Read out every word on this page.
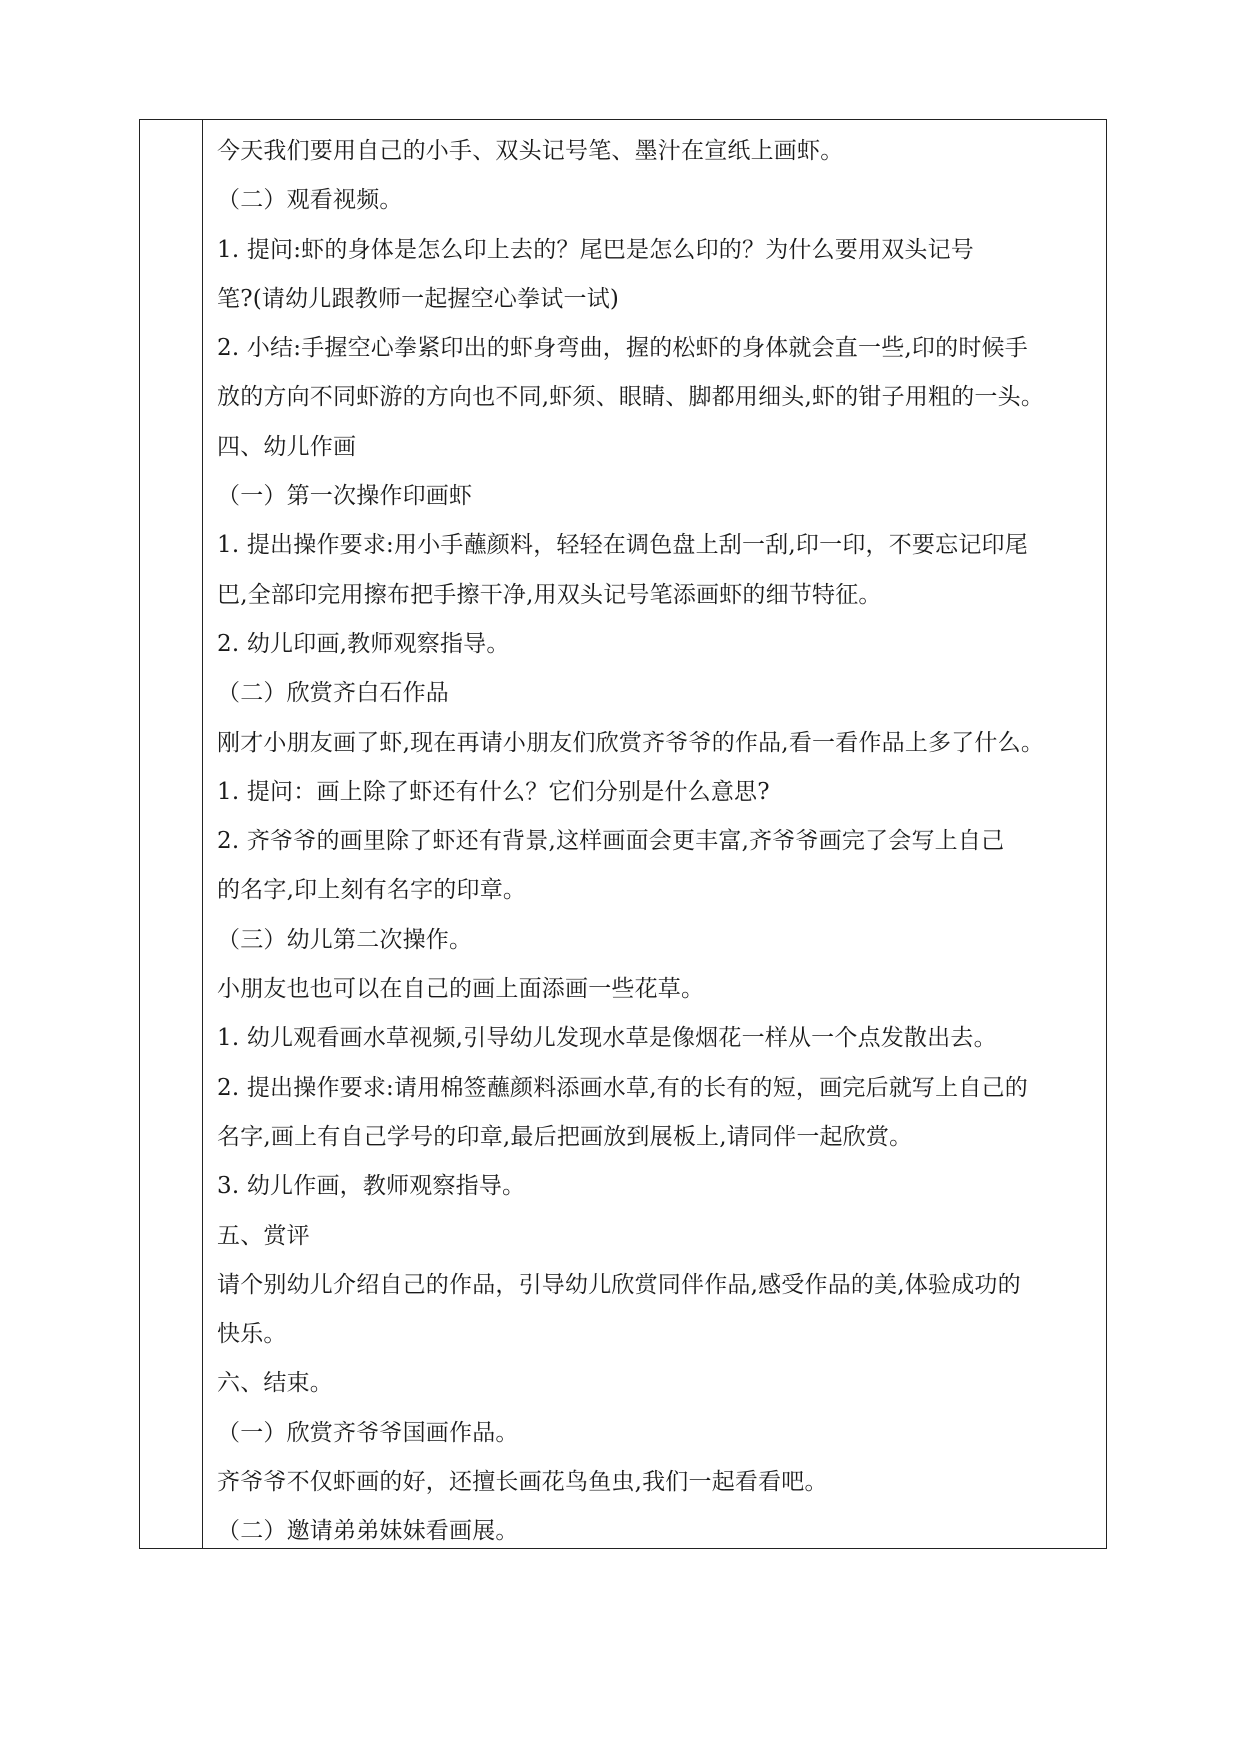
今天我们要用自己的小手、双头记号笔、墨汁在宣纸上画虾。
（二）观看视频。
1. 提问:虾的身体是怎么印上去的？尾巴是怎么印的？为什么要用双头记号
笔?(请幼儿跟教师一起握空心拳试一试)
2. 小结:手握空心拳紧印出的虾身弯曲，握的松虾的身体就会直一些,印的时候手
放的方向不同虾游的方向也不同,虾须、眼睛、脚都用细头,虾的钳子用粗的一头。
四、幼儿作画
（一）第一次操作印画虾
1. 提出操作要求:用小手蘸颜料，轻轻在调色盘上刮一刮,印一印，不要忘记印尾
巴,全部印完用擦布把手擦干净,用双头记号笔添画虾的细节特征。
2. 幼儿印画,教师观察指导。
（二）欣赏齐白石作品
刚才小朋友画了虾,现在再请小朋友们欣赏齐爷爷的作品,看一看作品上多了什么。
1. 提问：画上除了虾还有什么？它们分别是什么意思?
2. 齐爷爷的画里除了虾还有背景,这样画面会更丰富,齐爷爷画完了会写上自己
的名字,印上刻有名字的印章。
（三）幼儿第二次操作。
小朋友也也可以在自己的画上面添画一些花草。
1. 幼儿观看画水草视频,引导幼儿发现水草是像烟花一样从一个点发散出去。
2. 提出操作要求:请用棉签蘸颜料添画水草,有的长有的短，画完后就写上自己的
名字,画上有自己学号的印章,最后把画放到展板上,请同伴一起欣赏。
3. 幼儿作画，教师观察指导。
五、赏评
请个别幼儿介绍自己的作品，引导幼儿欣赏同伴作品,感受作品的美,体验成功的
快乐。
六、结束。
（一）欣赏齐爷爷国画作品。
齐爷爷不仅虾画的好，还擅长画花鸟鱼虫,我们一起看看吧。
（二）邀请弟弟妹妹看画展。
